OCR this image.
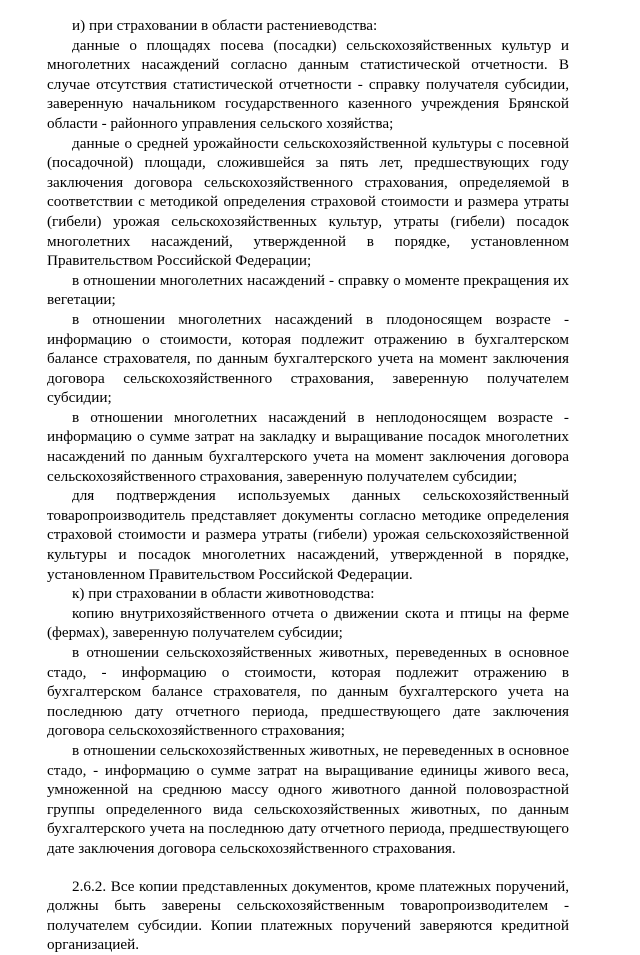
и) при страховании в области растениеводства:

данные о площадях посева (посадки) сельскохозяйственных культур и многолетних насаждений согласно данным статистической отчетности. В случае отсутствия статистической отчетности - справку получателя субсидии, заверенную начальником государственного казенного учреждения Брянской области - районного управления сельского хозяйства;

данные о средней урожайности сельскохозяйственной культуры с посевной (посадочной) площади, сложившейся за пять лет, предшествующих году заключения договора сельскохозяйственного страхования, определяемой в соответствии с методикой определения страховой стоимости и размера утраты (гибели) урожая сельскохозяйственных культур, утраты (гибели) посадок многолетних насаждений, утвержденной в порядке, установленном Правительством Российской Федерации;

в отношении многолетних насаждений - справку о моменте прекращения их вегетации;

в отношении многолетних насаждений в плодоносящем возрасте - информацию о стоимости, которая подлежит отражению в бухгалтерском балансе страхователя, по данным бухгалтерского учета на момент заключения договора сельскохозяйственного страхования, заверенную получателем субсидии;

в отношении многолетних насаждений в неплодоносящем возрасте - информацию о сумме затрат на закладку и выращивание посадок многолетних насаждений по данным бухгалтерского учета на момент заключения договора сельскохозяйственного страхования, заверенную получателем субсидии;

для подтверждения используемых данных сельскохозяйственный товаропроизводитель представляет документы согласно методике определения страховой стоимости и размера утраты (гибели) урожая сельскохозяйственной культуры и посадок многолетних насаждений, утвержденной в порядке, установленном Правительством Российской Федерации.

к) при страховании в области животноводства:

копию внутрихозяйственного отчета о движении скота и птицы на ферме (фермах), заверенную получателем субсидии;

в отношении сельскохозяйственных животных, переведенных в основное стадо, - информацию о стоимости, которая подлежит отражению в бухгалтерском балансе страхователя, по данным бухгалтерского учета на последнюю дату отчетного периода, предшествующего дате заключения договора сельскохозяйственного страхования;

в отношении сельскохозяйственных животных, не переведенных в основное стадо, - информацию о сумме затрат на выращивание единицы живого веса, умноженной на среднюю массу одного животного данной половозрастной группы определенного вида сельскохозяйственных животных, по данным бухгалтерского учета на последнюю дату отчетного периода, предшествующего дате заключения договора сельскохозяйственного страхования.

2.6.2. Все копии представленных документов, кроме платежных поручений, должны быть заверены сельскохозяйственным товаропроизводителем - получателем субсидии. Копии платежных поручений заверяются кредитной организацией.
